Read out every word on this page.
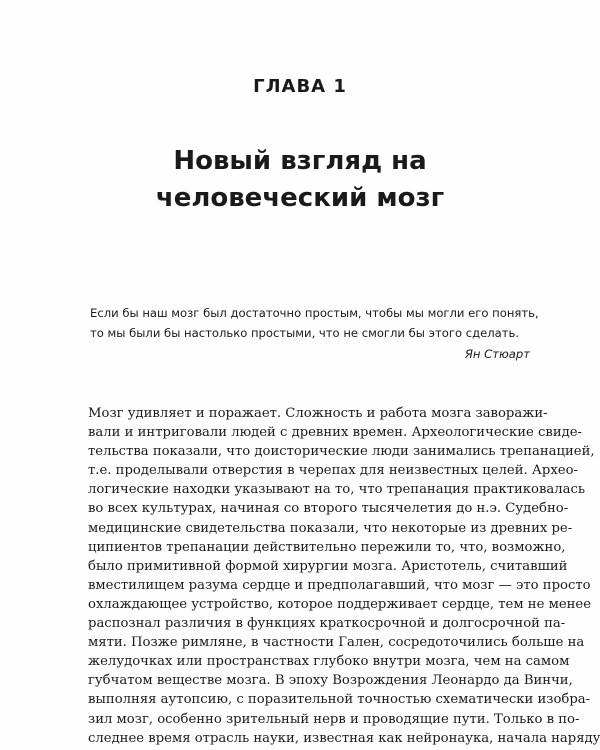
ГЛАВА 1
Новый взгляд на
человеческий мозг
Если бы наш мозг был достаточно простым, чтобы мы могли его понять,
то мы были бы настолько простыми, что не смогли бы этого сделать.
Ян Стюарт
Мозг удивляет и поражает. Сложность и работа мозга заворажи-
вали и интриговали людей с древних времен. Археологические свиде-
тельства показали, что доисторические люди занимались трепанацией,
т.е. проделывали отверстия в черепах для неизвестных целей. Архео-
логические находки указывают на то, что трепанация практиковалась
во всех культурах, начиная со второго тысячелетия до н.э. Судебно-
медицинские свидетельства показали, что некоторые из древних ре-
ципиентов трепанации действительно пережили то, что, возможно,
было примитивной формой хирургии мозга. Аристотель, считавший
вместилищем разума сердце и предполагавший, что мозг — это просто
охлаждающее устройство, которое поддерживает сердце, тем не менее
распознал различия в функциях краткосрочной и долгосрочной па-
мяти. Позже римляне, в частности Гален, сосредоточились больше на
желудочках или пространствах глубоко внутри мозга, чем на самом
губчатом веществе мозга. В эпоху Возрождения Леонардо да Винчи,
выполняя аутопсию, с поразительной точностью схематически изобра-
зил мозг, особенно зрительный нерв и проводящие пути. Только в по-
следнее время отрасль науки, известная как нейронаука, начала наряду
